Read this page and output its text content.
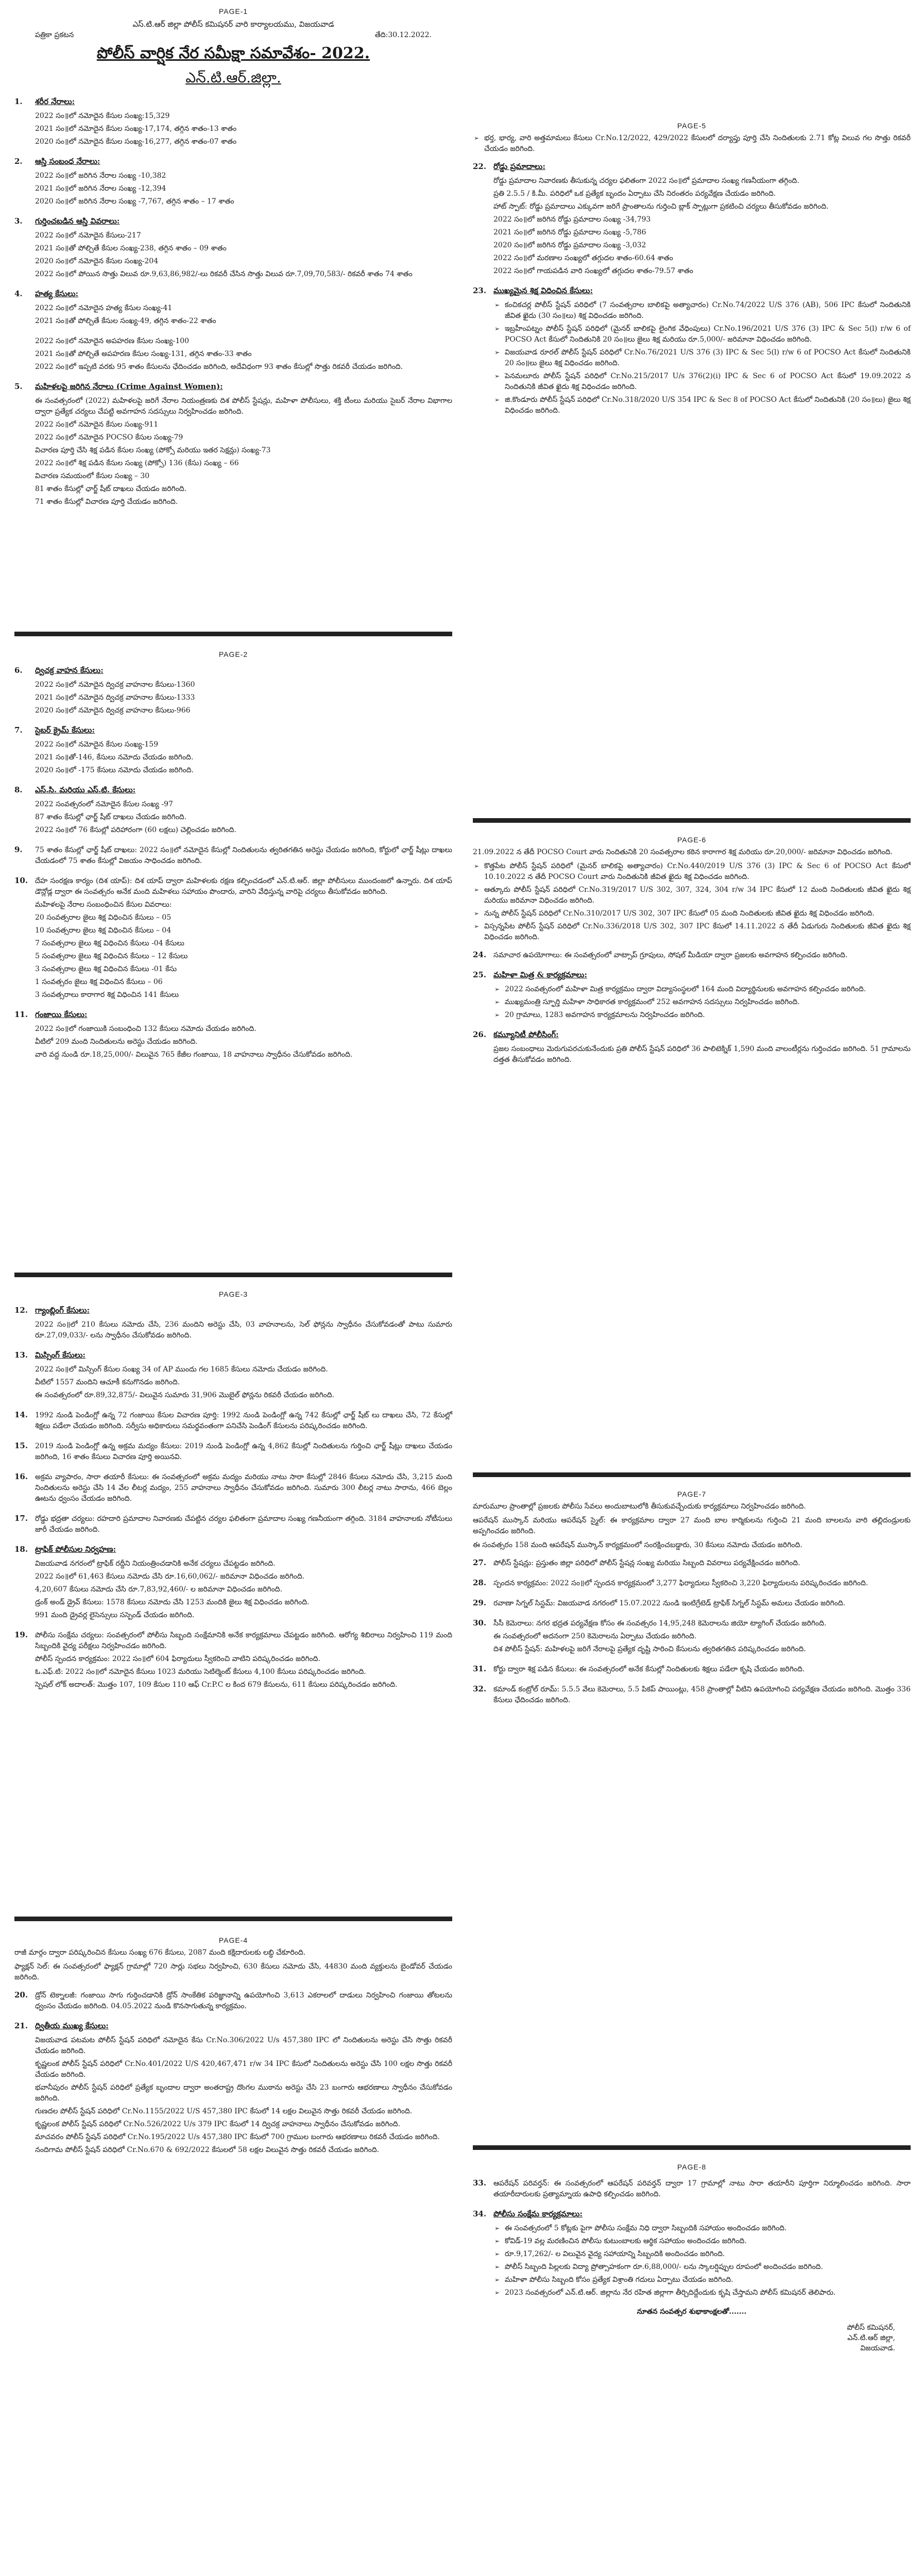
PAGE-1
ఎస్.టి.ఆర్ జిల్లా పోలీస్ కమిషనర్ వారి కార్యాలయము, విజయవాడ
పత్రికా ప్రకటన	తేది:30.12.2022.
పోలీస్ వార్షిక నేర సమీక్షా సమావేశం- 2022.
ఎన్.టి.ఆర్.జిల్లా.
1.	శరీర నేరాలు:
2022 సం॥లో నమోదైన కేసుల సంఖ్య:15,329
2021 సం॥లో నమోదైన కేసుల సంఖ్య-17,174, తగ్గిన శాతం-13 శాతం
2020 సం॥లో నమోదైన కేసుల సంఖ్య-16,277, తగ్గిన శాతం-07 శాతం
2.	ఆస్తి సంబంధ నేరాలు:
2022 సం॥లో జరిగిన నేరాల సంఖ్య -10,382
2021 సం॥లో జరిగిన నేరాల సంఖ్య -12,394
2020 సం॥లో జరిగిన నేరాల సంఖ్య -7,767, తగ్గిన శాతం – 17 శాతం
3.	గుర్తించబడిన ఆస్తి వివరాలు:
2022 సం॥లో నమోదైన కేసులు-217
2021 సం॥తో పోల్చితే కేసుల సంఖ్య-238, తగ్గిన శాతం – 09 శాతం
2020 సం॥లో నమోదైన కేసుల సంఖ్య-204
2022 సం॥లో పోయిన సొత్తు విలువ రూ.9,63,86,982/-లు రికవరీ చేసిన సొత్తు విలువ రూ.7,09,70,583/- రికవరీ శాతం 74 శాతం
4.	హత్య కేసులు:
2022 సం॥లో నమోదైన హత్య కేసుల సంఖ్య-41
2021 సం॥తో పోల్చితే కేసుల సంఖ్య-49, తగ్గిన శాతం-22 శాతం
2022 సం॥లో నమోదైన అపహరణ కేసుల సంఖ్య-100
2021 సం॥తో పోల్చితే అపహరణ కేసుల సంఖ్య-131, తగ్గిన శాతం-33 శాతం
2022 సం॥లో ఇప్పటి వరకు 95 శాతం కేసులను ఛేదించడం జరిగింది, అదేవిధంగా 93 శాతం కేసుల్లో సొత్తు రికవరీ చేయడం జరిగింది.
5.	మహిళలపై జరిగిన నేరాలు (Crime Against Women):
ఈ సంవత్సరంలో (2022) మహిళలపై జరిగే నేరాల నియంత్రణకు దిశ పోలీస్ స్టేషన్లు, మహిళా పోలీసులు, శక్తి టీంలు మరియు సైబర్ నేరాల విభాగాల ద్వారా ప్రత్యేక చర్యలు చేపట్టి అవగాహన సదస్సులు నిర్వహించడం జరిగింది.
2022 సం॥లో నమోదైన కేసుల సంఖ్య-911
2022 సం॥లో నమోదైన POCSO కేసుల సంఖ్య-79
విచారణ పూర్తి చేసి శిక్ష పడిన కేసుల సంఖ్య (పోక్సో మరియు ఇతర సెక్షన్లు) సంఖ్య-73
2022 సం॥లో శిక్ష పడిన కేసుల సంఖ్య (పోక్సో) 136 (కేసు) సంఖ్య – 66
విచారణ సమయంలో కేసుల సంఖ్య – 30
81 శాతం కేసుల్లో ఛార్జ్ షీట్ దాఖలు చేయడం జరిగింది.
71 శాతం కేసుల్లో విచారణ పూర్తి చేయడం జరిగింది.
PAGE-2
6.	ద్విచక్ర వాహన కేసులు:
2022 సం॥లో నమోదైన ద్విచక్ర వాహనాల కేసులు-1360
2021 సం॥లో నమోదైన ద్విచక్ర వాహనాల కేసులు-1333
2020 సం॥లో నమోదైన ద్విచక్ర వాహనాల కేసులు-966
7.	సైబర్ క్రైమ్ కేసులు:
2022 సం॥లో నమోదైన కేసుల సంఖ్య-159
2021 సం॥తో-146, కేసులు నమోదు చేయడం జరిగింది.
2020 సం॥లో -175 కేసులు నమోదు చేయడం జరిగింది.
8.	ఎస్.సి. మరియు ఎస్.టి. కేసులు:
2022 సంవత్సరంలో నమోదైన కేసుల సంఖ్య -97
87 శాతం కేసుల్లో ఛార్జ్ షీట్ దాఖలు చేయడం జరిగింది.
2022 సం॥లో 76 కేసుల్లో పరిహారంగా (60 లక్షలు) చెల్లించడం జరిగింది.
9.	75 శాతం కేసుల్లో ఛార్జ్ షీట్ దాఖలు: 2022 సం॥లో నమోదైన కేసుల్లో నిందితులను త్వరితగతిన అరెస్టు చేయడం జరిగింది, కోర్టులో ఛార్జ్ షీట్లు దాఖలు చేయడంలో 75 శాతం కేసుల్లో విజయం సాధించడం జరిగింది.
10. దేహ సంరక్షణ కార్యం (దిశ యాప్): దిశ యాప్ ద్వారా మహిళలకు రక్షణ కల్పించడంలో ఎన్.టి.ఆర్. జిల్లా పోలీసులు ముందంజలో ఉన్నారు. దిశ యాప్ డౌన్లోడ్ల ద్వారా ఈ సంవత్సరం అనేక మంది మహిళలు సహాయం పొందారు, వారిని వేధిస్తున్న వారిపై చర్యలు తీసుకోవడం జరిగింది.
మహిళలపై నేరాల సంబంధించిన కేసుల వివరాలు:
20 సంవత్సరాల జైలు శిక్ష విధించిన కేసులు – 05
10 సంవత్సరాల జైలు శిక్ష విధించిన కేసులు – 04
7 సంవత్సరాల జైలు శిక్ష విధించిన కేసులు -04 కేసులు
5 సంవత్సరాల జైలు శిక్ష విధించిన కేసులు – 12 కేసులు
3 సంవత్సరాల జైలు శిక్ష విధించిన కేసులు -01 కేసు
1 సంవత్సరం జైలు శిక్ష విధించిన కేసులు – 06
3 సంవత్సరాలు కారాగార శిక్ష విధించిన 141 కేసులు
11. గంజాయి కేసులు:
2022 సం॥లో గంజాయికి సంబంధించి 132 కేసులు నమోదు చేయడం జరిగింది.
వీటిలో 209 మంది నిందితులను అరెస్టు చేయడం జరిగింది.
వారి వద్ద నుండి రూ.18,25,000/- విలువైన 765 కేజీల గంజాయి, 18 వాహనాలు స్వాధీనం చేసుకోవడం జరిగింది.
PAGE-3
12. గ్యాంబ్లింగ్ కేసులు:
2022 సం॥లో 210 కేసులు నమోదు చేసి, 236 మందిని అరెస్టు చేసి, 03 వాహనాలను, సెల్ ఫోన్లను స్వాధీనం చేసుకోవడంతో పాటు సుమారు రూ.27,09,033/- లను స్వాధీనం చేసుకోవడం జరిగింది.
13. మిస్సింగ్ కేసులు:
2022 సం॥లో మిస్సింగ్ కేసుల సంఖ్య 34 of AP ముందు గల 1685 కేసులు నమోదు చేయడం జరిగింది.
వీటిలో 1557 మందిని ఆచూకీ కనుగొనడం జరిగింది.
ఈ సంవత్సరంలో రూ.89,32,875/- విలువైన సుమారు 31,906 మొబైల్ ఫోన్లను రికవరీ చేయడం జరిగింది.
14. 1992 నుండి పెండింగ్లో ఉన్న 72 గంజాయి కేసుల విచారణ పూర్తి: 1992 నుండి పెండింగ్లో ఉన్న 742 కేసుల్లో ఛార్జ్ షీట్ లు దాఖలు చేసి, 72 కేసుల్లో శిక్షలు పడేలా చేయడం జరిగింది. సర్వీసు అధికారులు సమర్థవంతంగా పనిచేసి పెండింగ్ కేసులను పరిష్కరించడం జరిగింది.
15. 2019 నుండి పెండింగ్లో ఉన్న అక్రమ మద్యం కేసులు: 2019 నుండి పెండింగ్లో ఉన్న 4,862 కేసుల్లో నిందితులను గుర్తించి ఛార్జ్ షీట్లు దాఖలు చేయడం జరిగింది, 16 శాతం కేసులు విచారణ పూర్తి అయినవి.
16. అక్రమ వ్యాపారం, సారా తయారీ కేసులు: ఈ సంవత్సరంలో అక్రమ మద్యం మరియు నాటు సారా కేసుల్లో 2846 కేసులు నమోదు చేసి, 3,215 మంది నిందితులను అరెస్టు చేసి 14 వేల లీటర్ల మద్యం, 255 వాహనాలు స్వాధీనం చేసుకోవడం జరిగింది. సుమారు 300 లీటర్ల నాటు సారాను, 466 బెల్లం ఊటను ధ్వంసం చేయడం జరిగింది.
17. రోడ్డు భద్రతా చర్యలు: రహదారి ప్రమాదాల నివారణకు చేపట్టిన చర్యల ఫలితంగా ప్రమాదాల సంఖ్య గణనీయంగా తగ్గింది. 3184 వాహనాలకు నోటీసులు జారీ చేయడం జరిగింది.
18. ట్రాఫిక్ పోలీసుల నిర్వహణ:
విజయవాడ నగరంలో ట్రాఫిక్ రద్దీని నియంత్రించడానికి అనేక చర్యలు చేపట్టడం జరిగింది.
2022 సం॥లో 61,463 కేసులు నమోదు చేసి రూ.16,60,062/- జరిమానా విధించడం జరిగింది.
4,20,607 కేసులు నమోదు చేసి రూ.7,83,92,460/- ల జరిమానా విధించడం జరిగింది.
డ్రంక్ అండ్ డ్రైవ్ కేసులు: 1578 కేసులు నమోదు చేసి 1253 మందికి జైలు శిక్ష విధించడం జరిగింది.
991 మంది డ్రైవర్ల లైసెన్సులు సస్పెండ్ చేయడం జరిగింది.
19. పోలీసు సంక్షేమ చర్యలు: సంవత్సరంలో పోలీసు సిబ్బంది సంక్షేమానికి అనేక కార్యక్రమాలు చేపట్టడం జరిగింది. ఆరోగ్య శిబిరాలు నిర్వహించి 119 మంది సిబ్బందికి వైద్య పరీక్షలు నిర్వహించడం జరిగింది.
పోలీస్ స్పందన కార్యక్రమం: 2022 సం॥లో 604 ఫిర్యాదులు స్వీకరించి వాటిని పరిష్కరించడం జరిగింది.
ఓ.ఎఫ్.టి: 2022 సం॥లో నమోదైన కేసులు 1023 మరియు సెటిల్మెంట్ కేసులు 4,100 కేసులు పరిష్కరించడం జరిగింది.
స్పెషల్ లోక్ అదాలత్: మొత్తం 107, 109 కేసుల 110 ఆఫ్ Cr.P.C ల కింద 679 కేసులను, 611 కేసులు పరిష్కరించడం జరిగింది.
PAGE-4
రాజీ మార్గం ద్వారా పరిష్కరించిన కేసులు సంఖ్య 676 కేసులు, 2087 మంది కక్షిదారులకు లబ్ధి చేకూరింది.
ఫ్యాక్షన్ సెల్: ఈ సంవత్సరంలో ఫ్యాక్షన్ గ్రామాల్లో 720 సార్లు సభలు నిర్వహించి, 630 కేసులు నమోదు చేసి, 44830 మంది వ్యక్తులను బైండోవర్ చేయడం జరిగింది.
20. డ్రోన్ టెక్నాలజీ: గంజాయి సాగు గుర్తించడానికి డ్రోన్ సాంకేతిక పరిజ్ఞానాన్ని ఉపయోగించి 3,613 ఎకరాలలో దాడులు నిర్వహించి గంజాయి తోటలను ధ్వంసం చేయడం జరిగింది. 04.05.2022 నుండి కొనసాగుతున్న కార్యక్రమం.
21. ద్వితీయ ముఖ్య కేసులు:
విజయవాడ పటమట పోలీస్ స్టేషన్ పరిధిలో నమోదైన కేసు Cr.No.306/2022 U/s 457,380 IPC లో నిందితులను అరెస్టు చేసి సొత్తు రికవరీ చేయడం జరిగింది.
కృష్ణలంక పోలీస్ స్టేషన్ పరిధిలో Cr.No.401/2022 U/S 420,467,471 r/w 34 IPC కేసులో నిందితులను అరెస్టు చేసి 100 లక్షల సొత్తు రికవరీ చేయడం జరిగింది.
భవానీపురం పోలీస్ స్టేషన్ పరిధిలో ప్రత్యేక బృందాల ద్వారా అంతరాష్ట్ర దొంగల ముఠాను అరెస్టు చేసి 23 బంగారు ఆభరణాలు స్వాధీనం చేసుకోవడం జరిగింది.
గుణదల పోలీస్ స్టేషన్ పరిధిలో Cr.No.1155/2022 U/S 457,380 IPC కేసులో 14 లక్షల విలువైన సొత్తు రికవరీ చేయడం జరిగింది.
కృష్ణలంక పోలీస్ స్టేషన్ పరిధిలో Cr.No.526/2022 U/s 379 IPC కేసులో 14 ద్విచక్ర వాహనాలు స్వాధీనం చేసుకోవడం జరిగింది.
మాచవరం పోలీస్ స్టేషన్ పరిధిలో Cr.No.195/2022 U/s 457,380 IPC కేసులో 700 గ్రాముల బంగారు ఆభరణాలు రికవరీ చేయడం జరిగింది.
నందిగామ పోలీస్ స్టేషన్ పరిధిలో Cr.No.670 & 692/2022 కేసులలో 58 లక్షల విలువైన సొత్తు రికవరీ చేయడం జరిగింది.
PAGE-5
➢ భర్త, భార్య, వారి అత్తమామలు కేసులు Cr.No.12/2022, 429/2022 కేసులలో దర్యాప్తు పూర్తి చేసి నిందితులకు 2.71 కోట్ల విలువ గల సొత్తు రికవరీ చేయడం జరిగింది.
22. రోడ్డు ప్రమాదాలు:
రోడ్డు ప్రమాదాల నివారణకు తీసుకున్న చర్యల ఫలితంగా 2022 సం॥లో ప్రమాదాల సంఖ్య గణనీయంగా తగ్గింది.
ప్రతి 2.5.5 / కి.మీ. పరిధిలో ఒక ప్రత్యేక బృందం ఏర్పాటు చేసి నిరంతరం పర్యవేక్షణ చేయడం జరిగింది.
హాట్ స్పాట్: రోడ్డు ప్రమాదాలు ఎక్కువగా జరిగే ప్రాంతాలను గుర్తించి బ్లాక్ స్పాట్లుగా ప్రకటించి చర్యలు తీసుకోవడం జరిగింది.
2022 సం॥లో జరిగిన రోడ్డు ప్రమాదాల సంఖ్య -34,793
2021 సం॥లో జరిగిన రోడ్డు ప్రమాదాల సంఖ్య -5,786
2020 సం॥లో జరిగిన రోడ్డు ప్రమాదాల సంఖ్య -3,032
2022 సం॥లో మరణాల సంఖ్యలో తగ్గుదల శాతం-60.64 శాతం
2022 సం॥లో గాయపడిన వారి సంఖ్యలో తగ్గుదల శాతం-79.57 శాతం
23. ముఖ్యమైన శిక్ష విధించిన కేసులు:
➢ కంచికచర్ల పోలీస్ స్టేషన్ పరిధిలో (7 సంవత్సరాల బాలికపై అత్యాచారం) Cr.No.74/2022 U/S 376 (AB), 506 IPC కేసులో నిందితునికి జీవిత ఖైదు (30 సం॥లు) శిక్ష విధించడం జరిగింది.
➢ ఇబ్రహీంపట్నం పోలీస్ స్టేషన్ పరిధిలో (మైనర్ బాలికపై లైంగిక వేధింపులు) Cr.No.196/2021 U/S 376 (3) IPC & Sec 5(l) r/w 6 of POCSO Act కేసులో నిందితునికి 20 సం॥లు జైలు శిక్ష మరియు రూ.5,000/- జరిమానా విధించడం జరిగింది.
➢ విజయవాడ రూరల్ పోలీస్ స్టేషన్ పరిధిలో Cr.No.76/2021 U/S 376 (3) IPC & Sec 5(l) r/w 6 of POCSO Act కేసులో నిందితునికి 20 సం॥లు జైలు శిక్ష విధించడం జరిగింది.
➢ పెనమలూరు పోలీస్ స్టేషన్ పరిధిలో Cr.No.215/2017 U/s 376(2)(i) IPC & Sec 6 of POCSO Act కేసులో 19.09.2022 న నిందితునికి జీవిత ఖైదు శిక్ష విధించడం జరిగింది.
➢ జి.కొండూరు పోలీస్ స్టేషన్ పరిధిలో Cr.No.318/2020 U/S 354 IPC & Sec 8 of POCSO Act కేసులో నిందితునికి (20 సం॥లు) జైలు శిక్ష విధించడం జరిగింది.
PAGE-6
21.09.2022 న తేదీ POCSO Court వారు నిందితునికి 20 సంవత్సరాల కఠిన కారాగార శిక్ష మరియు రూ.20,000/- జరిమానా విధించడం జరిగింది.
➢ కొత్తపేట పోలీస్ స్టేషన్ పరిధిలో (మైనర్ బాలికపై అత్యాచారం) Cr.No.440/2019 U/S 376 (3) IPC & Sec 6 of POCSO Act కేసులో 10.10.2022 న తేదీ POCSO Court వారు నిందితునికి జీవిత ఖైదు శిక్ష విధించడం జరిగింది.
➢ ఆత్కూరు పోలీస్ స్టేషన్ పరిధిలో Cr.No.319/2017 U/S 302, 307, 324, 304 r/w 34 IPC కేసులో 12 మంది నిందితులకు జీవిత ఖైదు శిక్ష మరియు జరిమానా విధించడం జరిగింది.
➢ నున్న పోలీస్ స్టేషన్ పరిధిలో Cr.No.310/2017 U/S 302, 307 IPC కేసులో 05 మంది నిందితులకు జీవిత ఖైదు శిక్ష విధించడం జరిగింది.
➢ విస్సన్నపేట పోలీస్ స్టేషన్ పరిధిలో Cr.No.336/2018 U/S 302, 307 IPC కేసులో 14.11.2022 న తేదీ ఏడుగురు నిందితులకు జీవిత ఖైదు శిక్ష విధించడం జరిగింది.
24. సమాచార ఉపయోగాలు: ఈ సంవత్సరంలో వాట్సాప్ గ్రూపులు, సోషల్ మీడియా ద్వారా ప్రజలకు అవగాహన కల్పించడం జరిగింది.
25. మహిళా మిత్ర & కార్యక్రమాలు:
➢ 2022 సంవత్సరంలో మహిళా మిత్ర కార్యక్రమం ద్వారా విద్యాసంస్థలలో 164 మంది విద్యార్థినులకు అవగాహన కల్పించడం జరిగింది.
➢ ముఖ్యమంత్రి స్ఫూర్తి మహిళా సాధికారత కార్యక్రమంలో 252 అవగాహన సదస్సులు నిర్వహించడం జరిగింది.
➢ 20 గ్రామాలు, 1283 అవగాహన కార్యక్రమాలను నిర్వహించడం జరిగింది.
26. కమ్యూనిటీ పోలీసింగ్:
ప్రజల సంబంధాలు మెరుగుపరచుకునేందుకు ప్రతి పోలీస్ స్టేషన్ పరిధిలో 36 పాలిటెక్నిక్ 1,590 మంది వాలంటీర్లను గుర్తించడం జరిగింది. 51 గ్రామాలను దత్తత తీసుకోవడం జరిగింది.
PAGE-7
మారుమూల ప్రాంతాల్లో ప్రజలకు పోలీసు సేవలు అందుబాటులోకి తీసుకువచ్చేందుకు కార్యక్రమాలు నిర్వహించడం జరిగింది.
ఆపరేషన్ ముస్కాన్ మరియు ఆపరేషన్ స్మైల్: ఈ కార్యక్రమాల ద్వారా 27 మంది బాల కార్మికులను గుర్తించి 21 మంది బాలలను వారి తల్లిదండ్రులకు అప్పగించడం జరిగింది.
ఈ సంవత్సరం 158 మంది ఆపరేషన్ ముస్కాన్ కార్యక్రమంలో సంరక్షించబడ్డారు, 30 కేసులు నమోదు చేయడం జరిగింది.
27. పోలీస్ స్టేషన్లు: ప్రస్తుతం జిల్లా పరిధిలో పోలీస్ స్టేషన్ల సంఖ్య మరియు సిబ్బంది వివరాలు పర్యవేక్షించడం జరిగింది.
28. స్పందన కార్యక్రమం: 2022 సం॥లో స్పందన కార్యక్రమంలో 3,277 ఫిర్యాదులు స్వీకరించి 3,220 ఫిర్యాదులను పరిష్కరించడం జరిగింది.
29. రవాణా సిగ్నల్ సిస్టమ్: విజయవాడ నగరంలో 15.07.2022 నుండి ఇంటిగ్రేటెడ్ ట్రాఫిక్ సిగ్నల్ సిస్టమ్ అమలు చేయడం జరిగింది.
30. సీసీ కెమెరాలు: నగర భద్రత పర్యవేక్షణ కోసం ఈ సంవత్సరం 14,95,248 కెమెరాలను జియో ట్యాగింగ్ చేయడం జరిగింది.
ఈ సంవత్సరంలో అదనంగా 250 కెమెరాలను ఏర్పాటు చేయడం జరిగింది.
దిశ పోలీస్ స్టేషన్: మహిళలపై జరిగే నేరాలపై ప్రత్యేక దృష్టి సారించి కేసులను త్వరితగతిన పరిష్కరించడం జరిగింది.
31. కోర్టు ద్వారా శిక్ష పడిన కేసులు: ఈ సంవత్సరంలో అనేక కేసుల్లో నిందితులకు శిక్షలు పడేలా కృషి చేయడం జరిగింది.
32. కమాండ్ కంట్రోల్ రూమ్: 5.5.5 వేలు కెమెరాలు, 5.5 పికప్ పాయింట్లు, 458 ప్రాంతాల్లో వీటిని ఉపయోగించి పర్యవేక్షణ చేయడం జరిగింది. మొత్తం 336 కేసులు ఛేదించడం జరిగింది.
PAGE-8
33. ఆపరేషన్ పరివర్తన్: ఈ సంవత్సరంలో ఆపరేషన్ పరివర్తన్ ద్వారా 17 గ్రామాల్లో నాటు సారా తయారీని పూర్తిగా నిర్మూలించడం జరిగింది. సారా తయారీదారులకు ప్రత్యామ్నాయ ఉపాధి కల్పించడం జరిగింది.
34. పోలీసు సంక్షేమ కార్యక్రమాలు:
➢ ఈ సంవత్సరంలో 5 కోట్లకు పైగా పోలీసు సంక్షేమ నిధి ద్వారా సిబ్బందికి సహాయం అందించడం జరిగింది.
➢ కోవిడ్-19 వల్ల మరణించిన పోలీసు కుటుంబాలకు ఆర్థిక సహాయం అందించడం జరిగింది.
➢ రూ.9,17,262/- ల విలువైన వైద్య సహాయాన్ని సిబ్బందికి అందించడం జరిగింది.
➢ పోలీస్ సిబ్బంది పిల్లలకు విద్యా ప్రోత్సాహకంగా రూ.6,88,000/- లను స్కాలర్షిప్పుల రూపంలో అందించడం జరిగింది.
➢ మహిళా పోలీసు సిబ్బంది కోసం ప్రత్యేక విశ్రాంతి గదులు ఏర్పాటు చేయడం జరిగింది.
➢ 2023 సంవత్సరంలో ఎన్.టి.ఆర్. జిల్లాను నేర రహిత జిల్లాగా తీర్చిదిద్దేందుకు కృషి చేస్తామని పోలీస్ కమిషనర్ తెలిపారు.
నూతన సంవత్సర శుభాకాంక్షలతో.......
పోలీస్ కమిషనర్,
ఎన్.టి.ఆర్ జిల్లా,
విజయవాడ.
